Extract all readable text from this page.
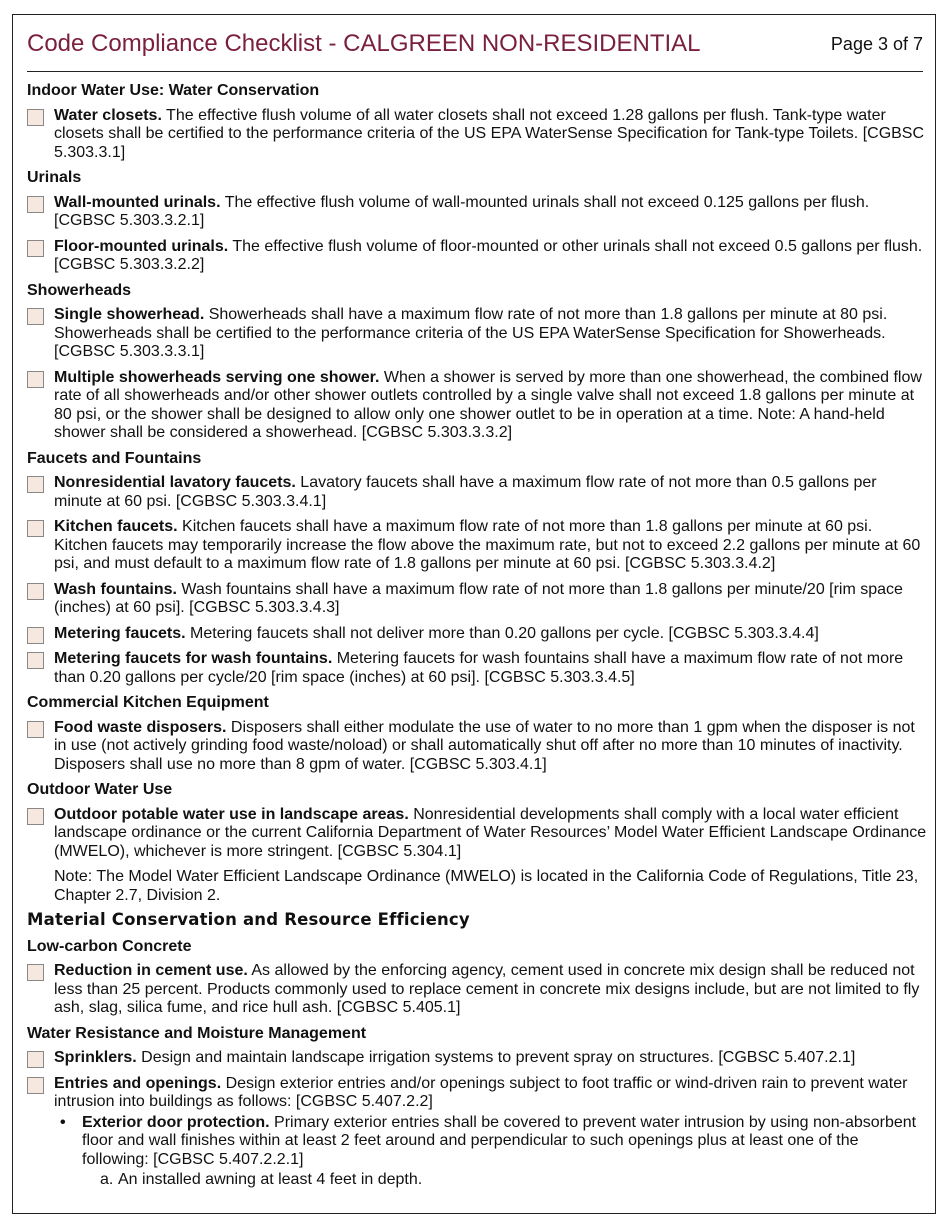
Code Compliance Checklist - CALGREEN NON-RESIDENTIAL	Page 3 of 7
Indoor Water Use: Water Conservation
Water closets. The effective flush volume of all water closets shall not exceed 1.28 gallons per flush. Tank-type water closets shall be certified to the performance criteria of the US EPA WaterSense Specification for Tank-type Toilets. [CGBSC 5.303.3.1]
Urinals
Wall-mounted urinals. The effective flush volume of wall-mounted urinals shall not exceed 0.125 gallons per flush. [CGBSC 5.303.3.2.1]
Floor-mounted urinals. The effective flush volume of floor-mounted or other urinals shall not exceed 0.5 gallons per flush. [CGBSC 5.303.3.2.2]
Showerheads
Single showerhead. Showerheads shall have a maximum flow rate of not more than 1.8 gallons per minute at 80 psi. Showerheads shall be certified to the performance criteria of the US EPA WaterSense Specification for Showerheads. [CGBSC 5.303.3.3.1]
Multiple showerheads serving one shower. When a shower is served by more than one showerhead, the combined flow rate of all showerheads and/or other shower outlets controlled by a single valve shall not exceed 1.8 gallons per minute at 80 psi, or the shower shall be designed to allow only one shower outlet to be in operation at a time. Note: A hand-held shower shall be considered a showerhead. [CGBSC 5.303.3.3.2]
Faucets and Fountains
Nonresidential lavatory faucets. Lavatory faucets shall have a maximum flow rate of not more than 0.5 gallons per minute at 60 psi. [CGBSC 5.303.3.4.1]
Kitchen faucets. Kitchen faucets shall have a maximum flow rate of not more than 1.8 gallons per minute at 60 psi. Kitchen faucets may temporarily increase the flow above the maximum rate, but not to exceed 2.2 gallons per minute at 60 psi, and must default to a maximum flow rate of 1.8 gallons per minute at 60 psi. [CGBSC 5.303.3.4.2]
Wash fountains. Wash fountains shall have a maximum flow rate of not more than 1.8 gallons per minute/20 [rim space (inches) at 60 psi]. [CGBSC 5.303.3.4.3]
Metering faucets. Metering faucets shall not deliver more than 0.20 gallons per cycle. [CGBSC 5.303.3.4.4]
Metering faucets for wash fountains. Metering faucets for wash fountains shall have a maximum flow rate of not more than 0.20 gallons per cycle/20 [rim space (inches) at 60 psi]. [CGBSC 5.303.3.4.5]
Commercial Kitchen Equipment
Food waste disposers. Disposers shall either modulate the use of water to no more than 1 gpm when the disposer is not in use (not actively grinding food waste/noload) or shall automatically shut off after no more than 10 minutes of inactivity. Disposers shall use no more than 8 gpm of water. [CGBSC 5.303.4.1]
Outdoor Water Use
Outdoor potable water use in landscape areas. Nonresidential developments shall comply with a local water efficient landscape ordinance or the current California Department of Water Resources’ Model Water Efficient Landscape Ordinance (MWELO), whichever is more stringent. [CGBSC 5.304.1]
Note: The Model Water Efficient Landscape Ordinance (MWELO) is located in the California Code of Regulations, Title 23, Chapter 2.7, Division 2.
Material Conservation and Resource Efficiency
Low-carbon Concrete
Reduction in cement use. As allowed by the enforcing agency, cement used in concrete mix design shall be reduced not less than 25 percent. Products commonly used to replace cement in concrete mix designs include, but are not limited to fly ash, slag, silica fume, and rice hull ash. [CGBSC 5.405.1]
Water Resistance and Moisture Management
Sprinklers. Design and maintain landscape irrigation systems to prevent spray on structures. [CGBSC 5.407.2.1]
Entries and openings. Design exterior entries and/or openings subject to foot traffic or wind-driven rain to prevent water intrusion into buildings as follows: [CGBSC 5.407.2.2]
• Exterior door protection. Primary exterior entries shall be covered to prevent water intrusion by using non-absorbent floor and wall finishes within at least 2 feet around and perpendicular to such openings plus at least one of the following: [CGBSC 5.407.2.2.1]
a. An installed awning at least 4 feet in depth.
